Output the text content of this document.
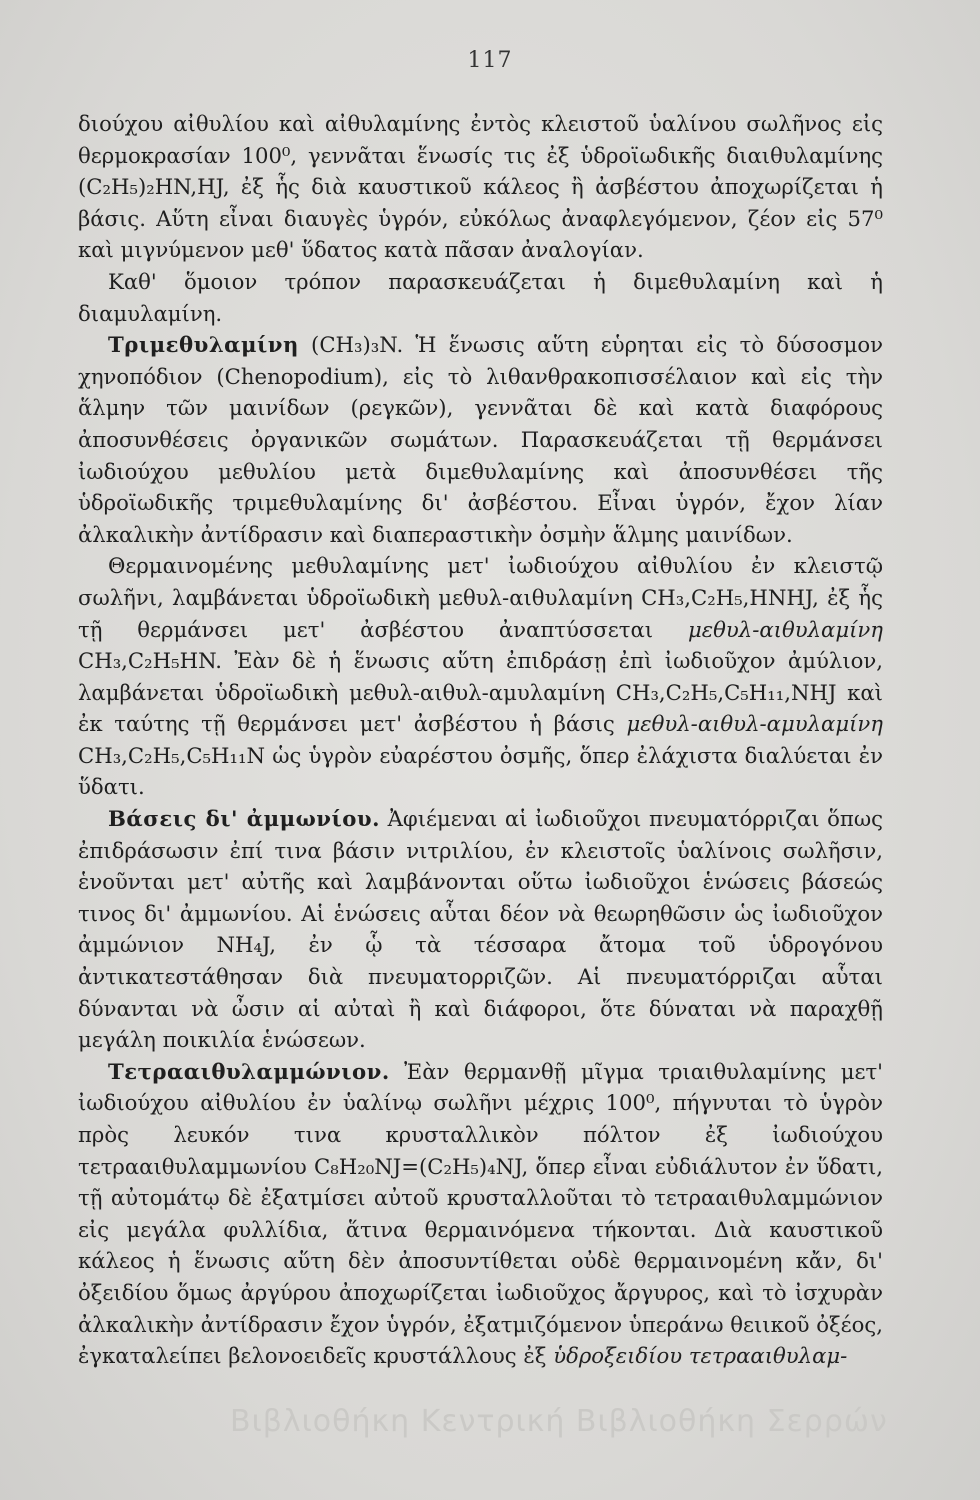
117

διούχου αἰθυλίου καὶ αἰθυλαμίνης ἐντὸς κλειστοῦ ὑαλίνου σωλῆνος εἰς θερμοκρασίαν 100⁰, γεννᾶται ἕνωσίς τις ἐξ ὑδροϊωδικῆς διαιθυλαμίνης (C₂H₅)₂HN,HJ, ἐξ ἧς διὰ καυστικοῦ κάλεος ἢ ἀσβέστου ἀποχωρίζεται ἡ βάσις. Αὕτη εἶναι διαυγὲς ὑγρόν, εὐκόλως ἀναφλεγόμενον, ζέον εἰς 57⁰ καὶ μιγνύμενον μεθ' ὕδατος κατὰ πᾶσαν ἀναλογίαν.

Καθ' ὅμοιον τρόπον παρασκευάζεται ἡ διμεθυλαμίνη καὶ ἡ διαμυλαμίνη.

Τριμεθυλαμίνη (CH₃)₃N. Ἡ ἕνωσις αὕτη εὑρηται εἰς τὸ δύσοσμον χηνοπόδιον (Chenopodium), εἰς τὸ λιθανθρακοπισσέλαιον καὶ εἰς τὴν ἅλμην τῶν μαινίδων (ρεγκῶν), γεννᾶται δὲ καὶ κατὰ διαφόρους ἀποσυνθέσεις ὀργανικῶν σωμάτων. Παρασκευάζεται τῇ θερμάνσει ἰωδιούχου μεθυλίου μετὰ διμεθυλαμίνης καὶ ἀποσυνθέσει τῆς ὑδροϊωδικῆς τριμεθυλαμίνης δι' ἀσβέστου. Εἶναι ὑγρόν, ἔχον λίαν ἀλκαλικὴν ἀντίδρασιν καὶ διαπεραστικὴν ὀσμὴν ἅλμης μαινίδων.

Θερμαινομένης μεθυλαμίνης μετ' ἰωδιούχου αἰθυλίου ἐν κλειστῷ σωλῆνι, λαμβάνεται ὑδροϊωδικὴ μεθυλ-αιθυλαμίνη CH₃,C₂H₅,HNHJ, ἐξ ἧς τῇ θερμάνσει μετ' ἀσβέστου ἀναπτύσσεται μεθυλ-αιθυλαμίνη CH₃,C₂H₅HN. Ἐὰν δὲ ἡ ἕνωσις αὕτη ἐπιδράσῃ ἐπὶ ἰωδιοῦχον ἀμύλιον, λαμβάνεται ὑδροϊωδικὴ μεθυλ-αιθυλ-αμυλαμίνη CH₃,C₂H₅,C₅H₁₁,NHJ καὶ ἐκ ταύτης τῇ θερμάνσει μετ' ἀσβέστου ἡ βάσις μεθυλ-αιθυλ-αμυλαμίνη CH₃,C₂H₅,C₅H₁₁N ὡς ὑγρὸν εὐαρέστου ὀσμῆς, ὅπερ ἐλάχιστα διαλύεται ἐν ὕδατι.

Βάσεις δι' ἀμμωνίου. Ἀφιέμεναι αἱ ἰωδιοῦχοι πνευματόρριζαι ὅπως ἐπιδράσωσιν ἐπί τινα βάσιν νιτριλίου, ἐν κλειστοῖς ὑαλίνοις σωλῆσιν, ἑνοῦνται μετ' αὐτῆς καὶ λαμβάνονται οὕτω ἰωδιοῦχοι ἑνώσεις βάσεώς τινος δι' ἀμμωνίου. Αἱ ἑνώσεις αὗται δέον νὰ θεωρηθῶσιν ὡς ἰωδιοῦχον ἀμμώνιον NH₄J, ἐν ᾧ τὰ τέσσαρα ἄτομα τοῦ ὑδρογόνου ἀντικατεστάθησαν διὰ πνευματορριζῶν. Αἱ πνευματόρριζαι αὗται δύνανται νὰ ὦσιν αἱ αὐταὶ ἢ καὶ διάφοροι, ὅτε δύναται νὰ παραχθῇ μεγάλη ποικιλία ἑνώσεων.

Τετρααιθυλαμμώνιον. Ἐὰν θερμανθῇ μῖγμα τριαιθυλαμίνης μετ' ἰωδιούχου αἰθυλίου ἐν ὑαλίνῳ σωλῆνι μέχρις 100⁰, πήγνυται τὸ ὑγρὸν πρὸς λευκόν τινα κρυσταλλικὸν πόλτον ἐξ ἰωδιούχου τετρααιθυλαμμωνίου C₈H₂₀NJ=(C₂H₅)₄NJ, ὅπερ εἶναι εὐδιάλυτον ἐν ὕδατι, τῇ αὐτομάτῳ δὲ ἐξατμίσει αὐτοῦ κρυσταλλοῦται τὸ τετρααιθυλαμμώνιον εἰς μεγάλα φυλλίδια, ἅτινα θερμαινόμενα τήκονται. Διὰ καυστικοῦ κάλεος ἡ ἕνωσις αὕτη δὲν ἀποσυντίθεται οὐδὲ θερμαινομένη κἄν, δι' ὀξειδίου ὅμως ἀργύρου ἀποχωρίζεται ἰωδιοῦχος ἄργυρος, καὶ τὸ ἰσχυρὰν ἀλκαλικὴν ἀντίδρασιν ἔχον ὑγρόν, ἐξατμιζόμενον ὑπεράνω θειικοῦ ὀξέος, ἐγκαταλείπει βελονοειδεῖς κρυστάλλους ἐξ ὑδροξειδίου τετρααιθυλαμ-

Βιβλιοθήκη Κεντρική Βιβλιοθήκη Σερρών
